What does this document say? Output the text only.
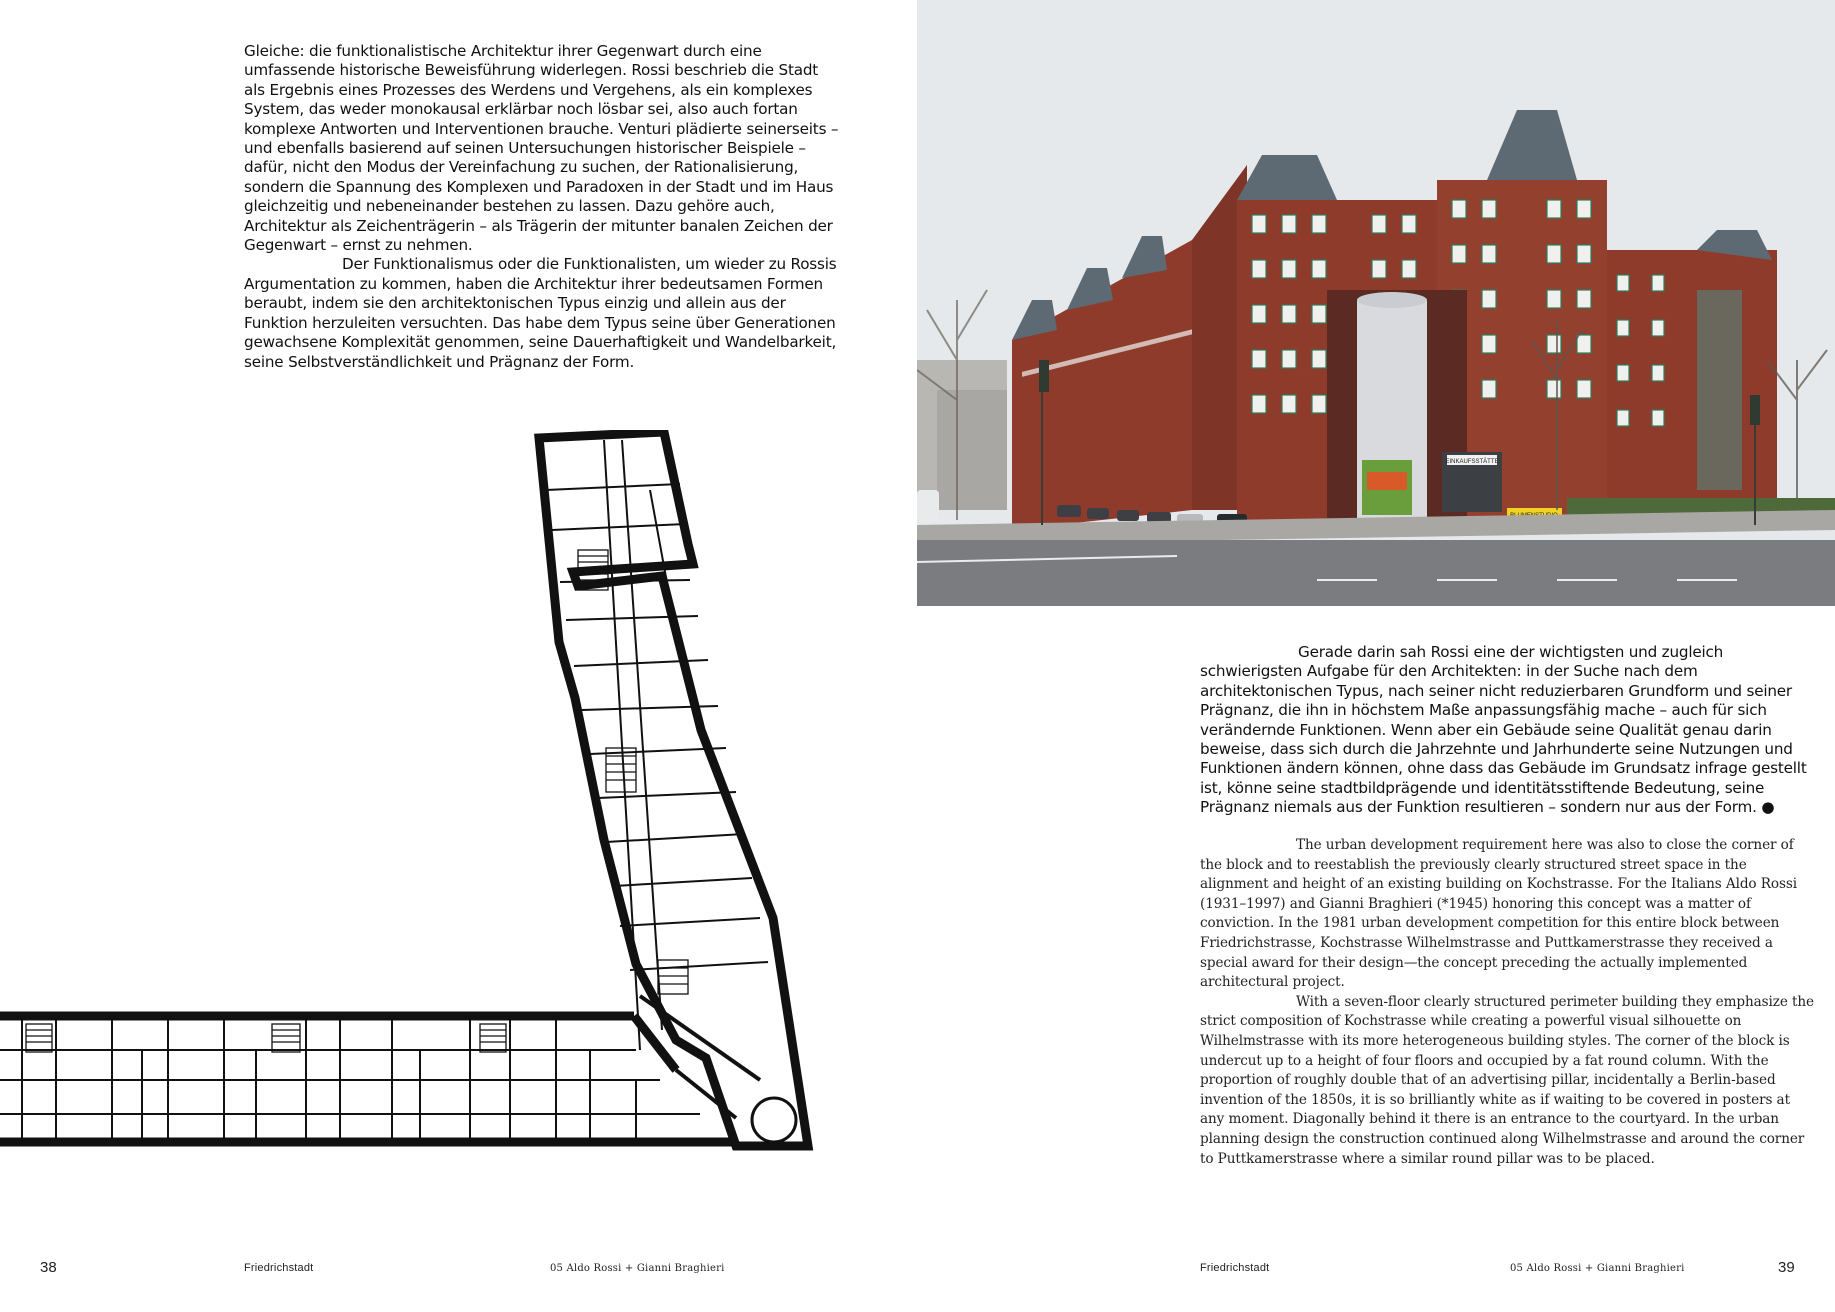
Gleiche: die funktionalistische Architektur ihrer Gegenwart durch eine umfassende historische Beweisführung widerlegen. Rossi beschrieb die Stadt als Ergebnis eines Prozesses des Werdens und Vergehens, als ein komplexes System, das weder monokausal erklärbar noch lösbar sei, also auch fortan komplexe Antworten und Interventionen brauche. Venturi plädierte seinerseits – und ebenfalls basierend auf seinen Untersuchungen historischer Beispiele – dafür, nicht den Modus der Vereinfachung zu suchen, der Rationalisierung, sondern die Spannung des Komplexen und Paradoxen in der Stadt und im Haus gleichzeitig und nebeneinander bestehen zu lassen. Dazu gehöre auch, Architektur als Zeichenträgerin – als Trägerin der mitunter banalen Zeichen der Gegenwart – ernst zu nehmen.

Der Funktionalismus oder die Funktionalisten, um wieder zu Rossis Argumentation zu kommen, haben die Architektur ihrer bedeutsamen Formen beraubt, indem sie den architektonischen Typus einzig und allein aus der Funktion herzuleiten versuchten. Das habe dem Typus seine über Generationen gewachsene Komplexität genommen, seine Dauerhaftigkeit und Wandelbarkeit, seine Selbstverständlichkeit und Prägnanz der Form.

EINKAUFSSTÄTTE

Gerade darin sah Rossi eine der wichtigsten und zugleich schwierigsten Aufgabe für den Architekten: in der Suche nach dem architektonischen Typus, nach seiner nicht reduzierbaren Grundform und seiner Prägnanz, die ihn in höchstem Maße anpassungsfähig mache – auch für sich verändernde Funktionen. Wenn aber ein Gebäude seine Qualität genau darin beweise, dass sich durch die Jahrzehnte und Jahrhunderte seine Nutzungen und Funktionen ändern können, ohne dass das Gebäude im Grundsatz infrage gestellt ist, könne seine stadtbildprägende und identitätsstiftende Bedeutung, seine Prägnanz niemals aus der Funktion resultieren – sondern nur aus der Form. ●

The urban development requirement here was also to close the corner of the block and to reestablish the previously clearly structured street space in the alignment and height of an existing building on Kochstrasse. For the Italians Aldo Rossi (1931–1997) and Gianni Braghieri (*1945) honoring this concept was a matter of conviction. In the 1981 urban development competition for this entire block between Friedrichstrasse, Kochstrasse Wilhelmstrasse and Puttkamerstrasse they received a special award for their design—the concept preceding the actually implemented architectural project.

With a seven-floor clearly structured perimeter building they emphasize the strict composition of Kochstrasse while creating a powerful visual silhouette on Wilhelmstrasse with its more heterogeneous building styles. The corner of the block is undercut up to a height of four floors and occupied by a fat round column. With the proportion of roughly double that of an advertising pillar, incidentally a Berlin-based invention of the 1850s, it is so brilliantly white as if waiting to be covered in posters at any moment. Diagonally behind it there is an entrance to the courtyard. In the urban planning design the construction continued along Wilhelmstrasse and around the corner to Puttkamerstrasse where a similar round pillar was to be placed.

38	Friedrichstadt	05 Aldo Rossi + Gianni Braghieri	Friedrichstadt	05 Aldo Rossi + Gianni Braghieri	39
